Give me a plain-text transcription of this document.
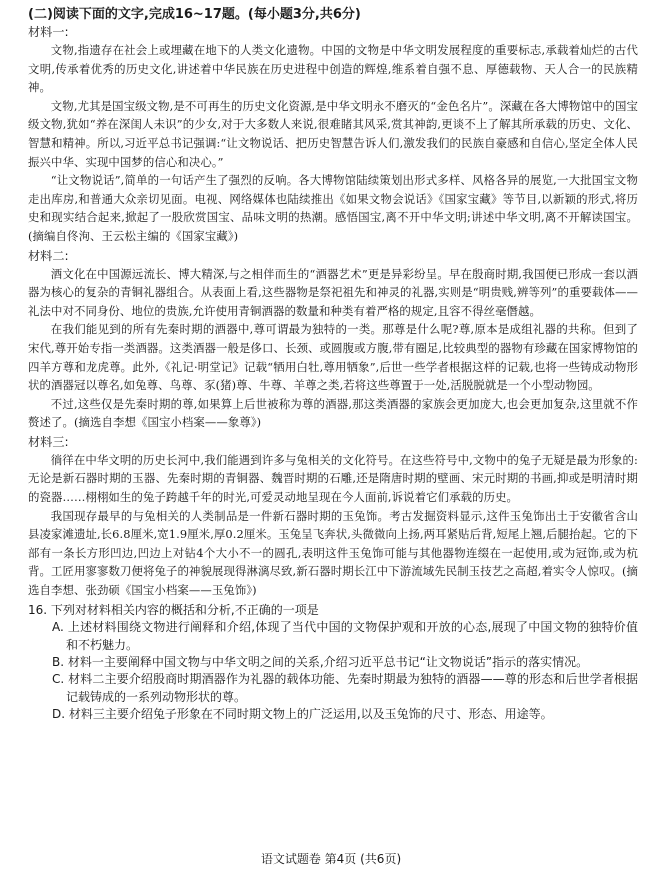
(二)阅读下面的文字,完成16~17题。(每小题3分,共6分)

材料一:

文物,指遗存在社会上或埋藏在地下的人类文化遗物。中国的文物是中华文明发展程度的重要标志,承载着灿烂的古代文明,传承着优秀的历史文化,讲述着中华民族在历史进程中创造的辉煌,维系着自强不息、厚德载物、天人合一的民族精神。

文物,尤其是国宝级文物,是不可再生的历史文化资源,是中华文明永不磨灭的“金色名片”。深藏在各大博物馆中的国宝级文物,犹如“养在深闺人未识”的少女,对于大多数人来说,很难睹其风采,赏其神韵,更谈不上了解其所承载的历史、文化、智慧和精神。所以,习近平总书记强调:“让文物说话、把历史智慧告诉人们,激发我们的民族自豪感和自信心,坚定全体人民振兴中华、实现中国梦的信心和决心。”

“让文物说话”,简单的一句话产生了强烈的反响。各大博物馆陆续策划出形式多样、风格各异的展览,一大批国宝文物走出库房,和普通大众亲切见面。电视、网络媒体也陆续推出《如果文物会说话》《国家宝藏》等节目,以新颖的形式,将历史和现实结合起来,掀起了一股欣赏国宝、品味文明的热潮。感悟国宝,离不开中华文明;讲述中华文明,离不开解读国宝。(摘编自佟洵、王云松主编的《国家宝藏》)

材料二:

酒文化在中国源远流长、博大精深,与之相伴而生的“酒器艺术”更是异彩纷呈。早在殷商时期,我国便已形成一套以酒器为核心的复杂的青铜礼器组合。从表面上看,这些器物是祭祀祖先和神灵的礼器,实则是“明贵贱,辨等列”的重要载体——礼法中对不同身份、地位的贵族,允许使用青铜酒器的数量和种类有着严格的规定,且容不得丝毫僭越。

在我们能见到的所有先秦时期的酒器中,尊可谓最为独特的一类。那尊是什么呢?尊,原本是成组礼器的共称。但到了宋代,尊开始专指一类酒器。这类酒器一般是侈口、长颈、或圆腹或方腹,带有圈足,比较典型的器物有珍藏在国家博物馆的四羊方尊和龙虎尊。此外,《礼记·明堂记》记载“牺用白牡,尊用牺象”,后世一些学者根据这样的记载,也将一些铸成动物形状的酒器冠以尊名,如兔尊、鸟尊、豕(猪)尊、牛尊、羊尊之类,若将这些尊置于一处,活脱脱就是一个小型动物园。

不过,这些仅是先秦时期的尊,如果算上后世被称为尊的酒器,那这类酒器的家族会更加庞大,也会更加复杂,这里就不作赘述了。(摘选自李想《国宝小档案——象尊》)

材料三:

徜徉在中华文明的历史长河中,我们能遇到许多与兔相关的文化符号。在这些符号中,文物中的兔子无疑是最为形象的:无论是新石器时期的玉器、先秦时期的青铜器、魏晋时期的石雕,还是隋唐时期的壁画、宋元时期的书画,抑或是明清时期的瓷器……栩栩如生的兔子跨越千年的时光,可爱灵动地呈现在今人面前,诉说着它们承载的历史。

我国现存最早的与兔相关的人类制品是一件新石器时期的玉兔饰。考古发掘资料显示,这件玉兔饰出土于安徽省含山县凌家滩遗址,长6.8厘米,宽1.9厘米,厚0.2厘米。玉兔呈飞奔状,头微微向上扬,两耳紧贴后背,短尾上翘,后腿抬起。它的下部有一条长方形凹边,凹边上对钻4个大小不一的圆孔,表明这件玉兔饰可能与其他器物连缀在一起使用,或为冠饰,或为杭背。工匠用寥寥数刀便将兔子的神貌展现得淋漓尽致,新石器时期长江中下游流域先民制玉技艺之高超,着实令人惊叹。(摘选自李想、张劲硕《国宝小档案——玉兔饰》)

16. 下列对材料相关内容的概括和分析,不正确的一项是

A. 上述材料围绕文物进行阐释和介绍,体现了当代中国的文物保护观和开放的心态,展现了中国文物的独特价值和不朽魅力。

B. 材料一主要阐释中国文物与中华文明之间的关系,介绍习近平总书记“让文物说话”指示的落实情况。

C. 材料二主要介绍殷商时期酒器作为礼器的载体功能、先秦时期最为独特的酒器——尊的形态和后世学者根据记载铸成的一系列动物形状的尊。

D. 材料三主要介绍兔子形象在不同时期文物上的广泛运用,以及玉兔饰的尺寸、形态、用途等。

语文试题卷 第4页 (共6页)
